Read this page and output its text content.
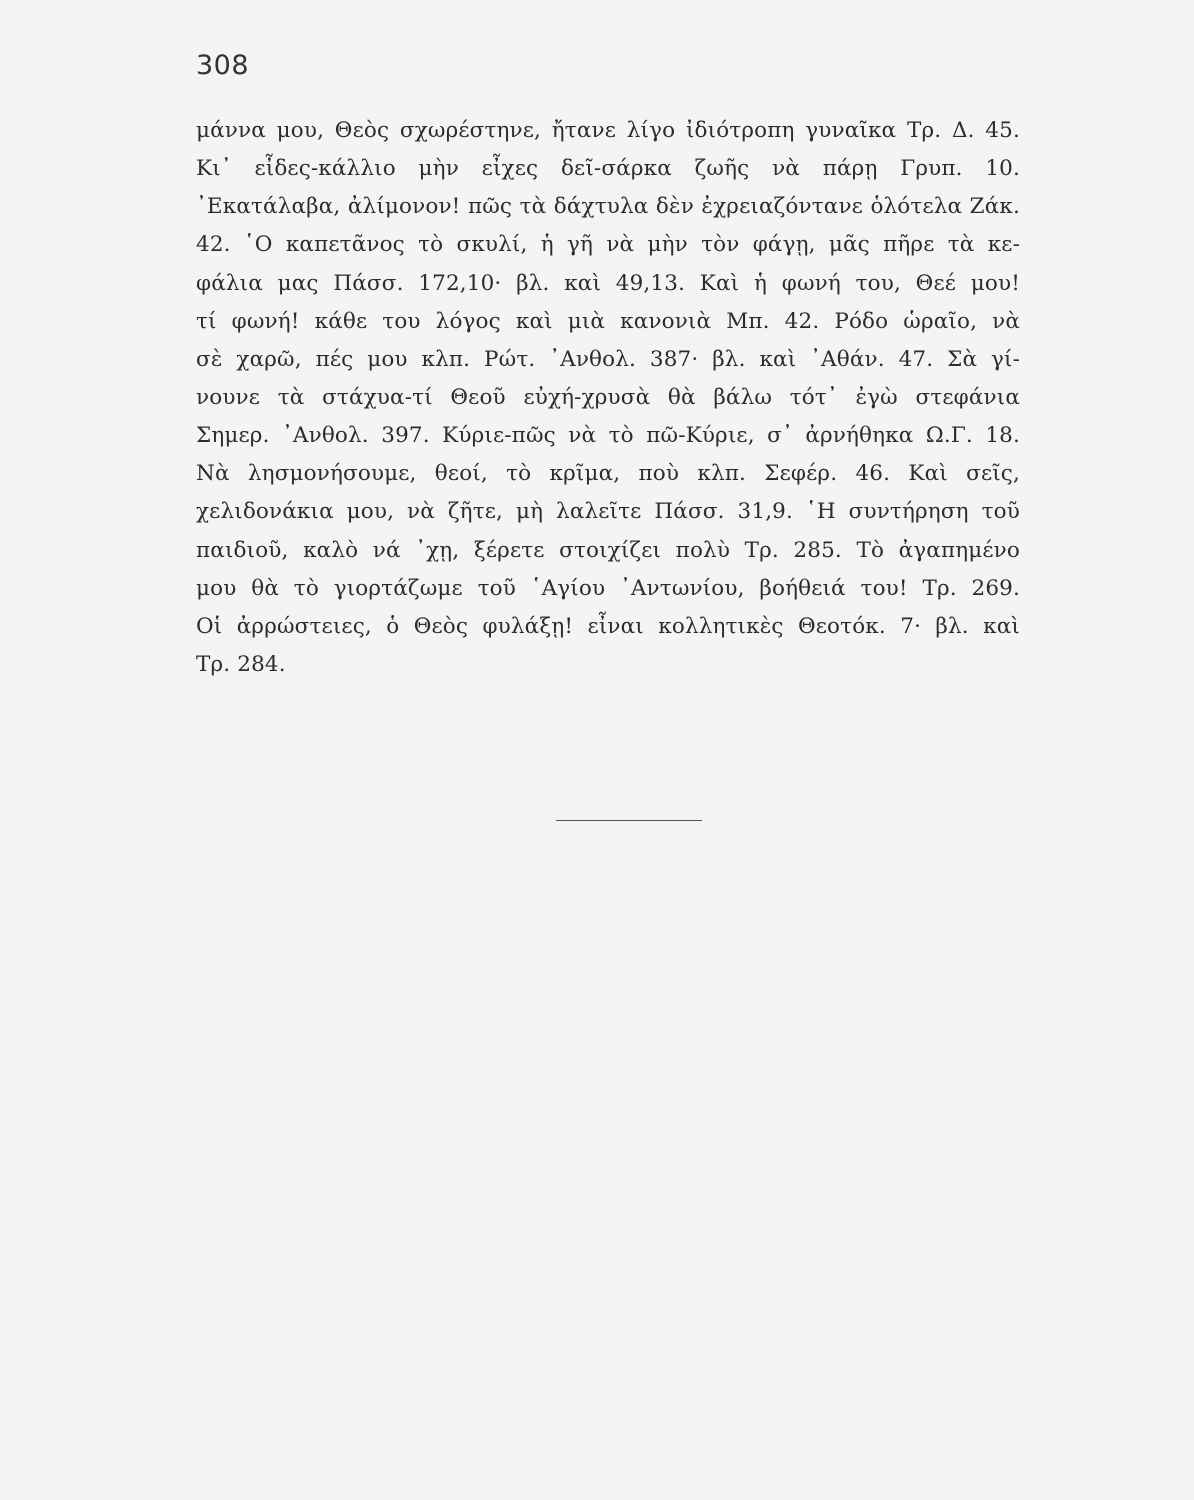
308
μάννα μου, Θεὸς σχωρέστηνε, ἤτανε λίγο ἰδιότροπη γυναῖκα Τρ. Δ. 45.
Κι᾽ εἶδες-κάλλιο μὴν εἶχες δεῖ-σάρκα ζωῆς νὰ πάρῃ Γρυπ. 10.
᾿Εκατάλαβα, ἀλίμονον! πῶς τὰ δάχτυλα δὲν ἐχρειαζόντανε ὁλότελα Ζάκ.
42. ῾Ο καπετᾶνος τὸ σκυλί, ἡ γῆ νὰ μὴν τὸν φάγῃ, μᾶς πῆρε τὰ κε-
φάλια μας Πάσσ. 172,10· βλ. καὶ 49,13. Καὶ ἡ φωνή του, Θεέ μου!
τί φωνή! κάθε του λόγος καὶ μιὰ κανονιὰ Μπ. 42. Ρόδο ὡραῖο, νὰ
σὲ χαρῶ, πές μου κλπ. Ρώτ. ᾿Ανθολ. 387· βλ. καὶ ᾿Αθάν. 47. Σὰ γί-
νουνε τὰ στάχυα-τί Θεοῦ εὐχή-χρυσὰ θὰ βάλω τότ᾽ ἐγὼ στεφάνια
Σημερ. ᾿Ανθολ. 397. Κύριε-πῶς νὰ τὸ πῶ-Κύριε, σ᾽ ἀρνήθηκα Ω.Γ. 18.
Νὰ λησμονήσουμε, θεοί, τὸ κρῖμα, ποὺ κλπ. Σεφέρ. 46. Καὶ σεῖς,
χελιδονάκια μου, νὰ ζῆτε, μὴ λαλεῖτε Πάσσ. 31,9. ῾Η συντήρηση τοῦ
παιδιοῦ, καλὸ νά ᾿χῃ, ξέρετε στοιχίζει πολὺ Τρ. 285. Τὸ ἀγαπημένο
μου θὰ τὸ γιορτάζωμε τοῦ ῾Αγίου ᾿Αντωνίου, βοήθειά του! Τρ. 269.
Οἱ ἀρρώστειες, ὁ Θεὸς φυλάξῃ! εἶναι κολλητικὲς Θεοτόκ. 7· βλ. καὶ
Τρ. 284.
